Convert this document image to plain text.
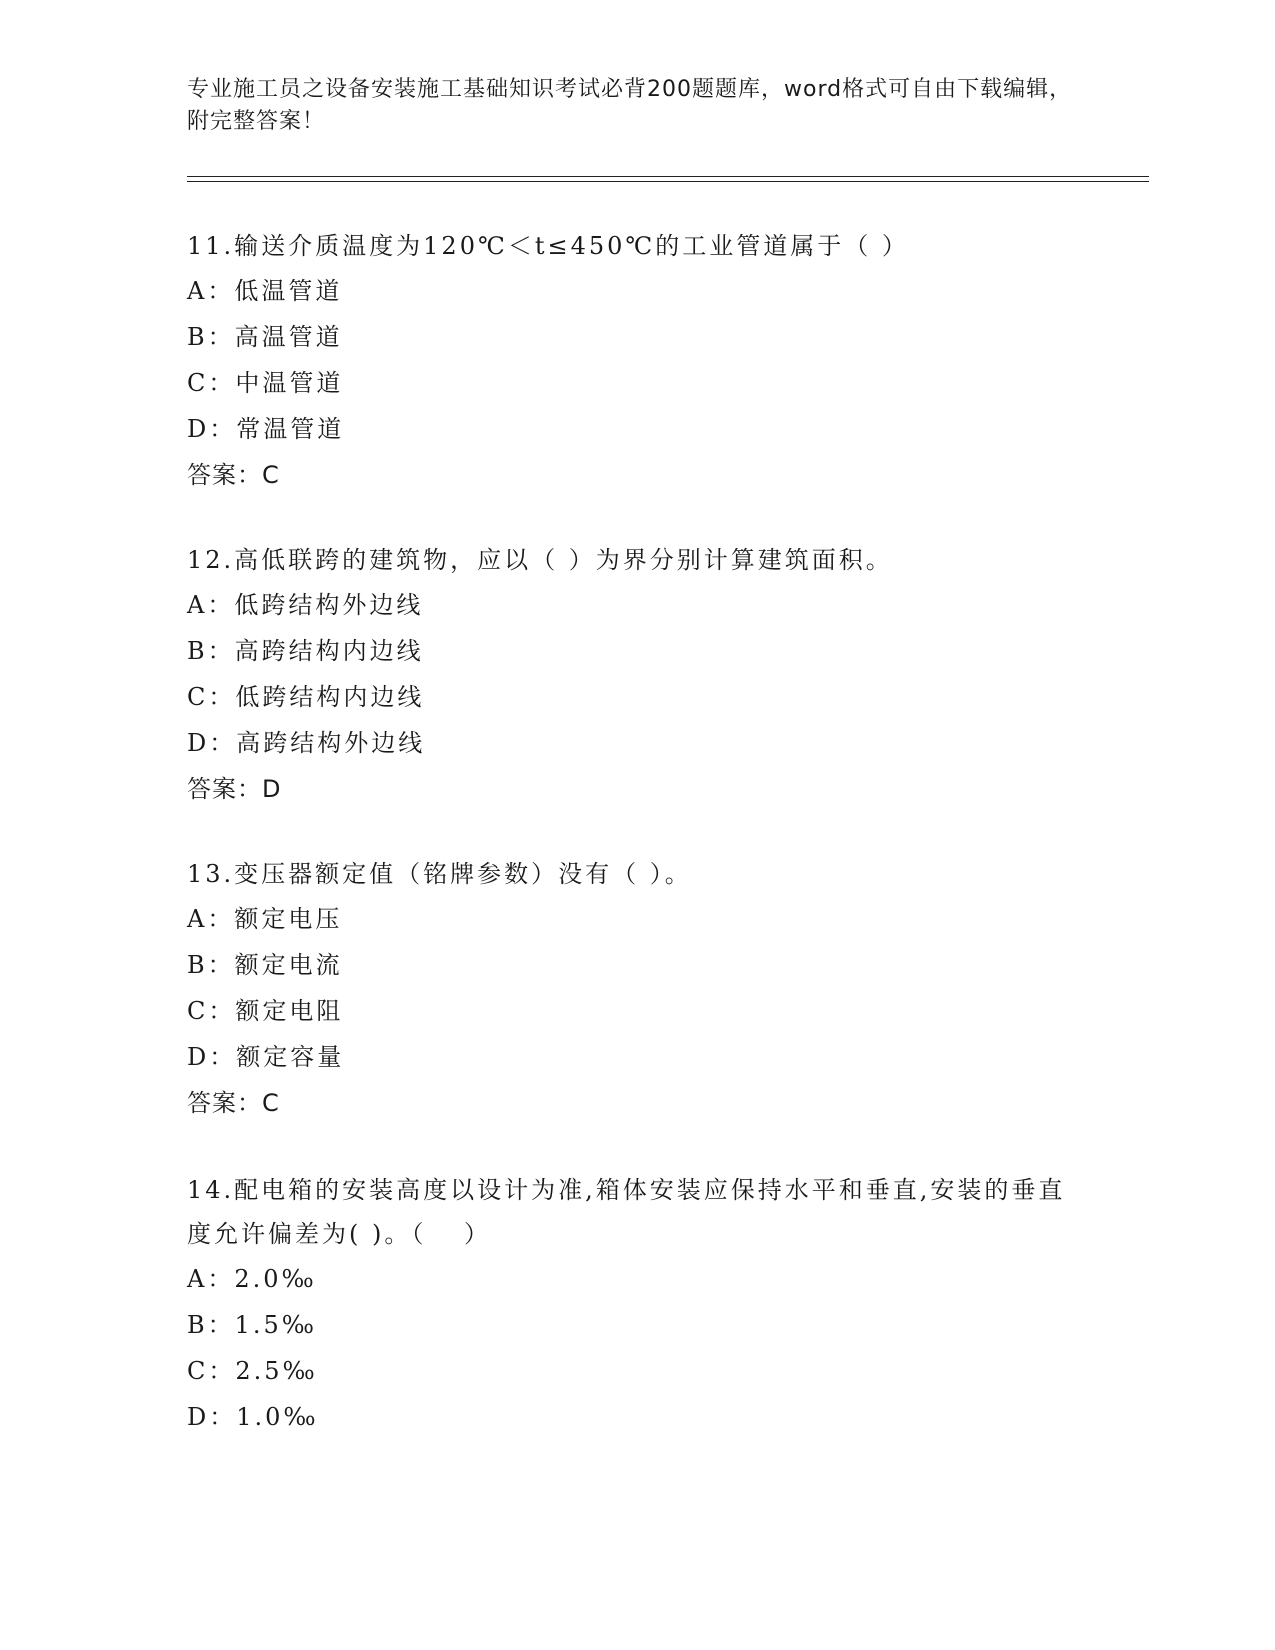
专业施工员之设备安装施工基础知识考试必背200题题库，word格式可自由下载编辑，附完整答案！
11.输送介质温度为120℃＜t≤450℃的工业管道属于（ ）
A：低温管道
B：高温管道
C：中温管道
D：常温管道
答案：C
12.高低联跨的建筑物，应以（ ）为界分别计算建筑面积。
A：低跨结构外边线
B：高跨结构内边线
C：低跨结构内边线
D：高跨结构外边线
答案：D
13.变压器额定值（铭牌参数）没有（ ）。
A：额定电压
B：额定电流
C：额定电阻
D：额定容量
答案：C
14.配电箱的安装高度以设计为准,箱体安装应保持水平和垂直,安装的垂直度允许偏差为( )。（　 ）
A：2.0‰
B：1.5‰
C：2.5‰
D：1.0‰
